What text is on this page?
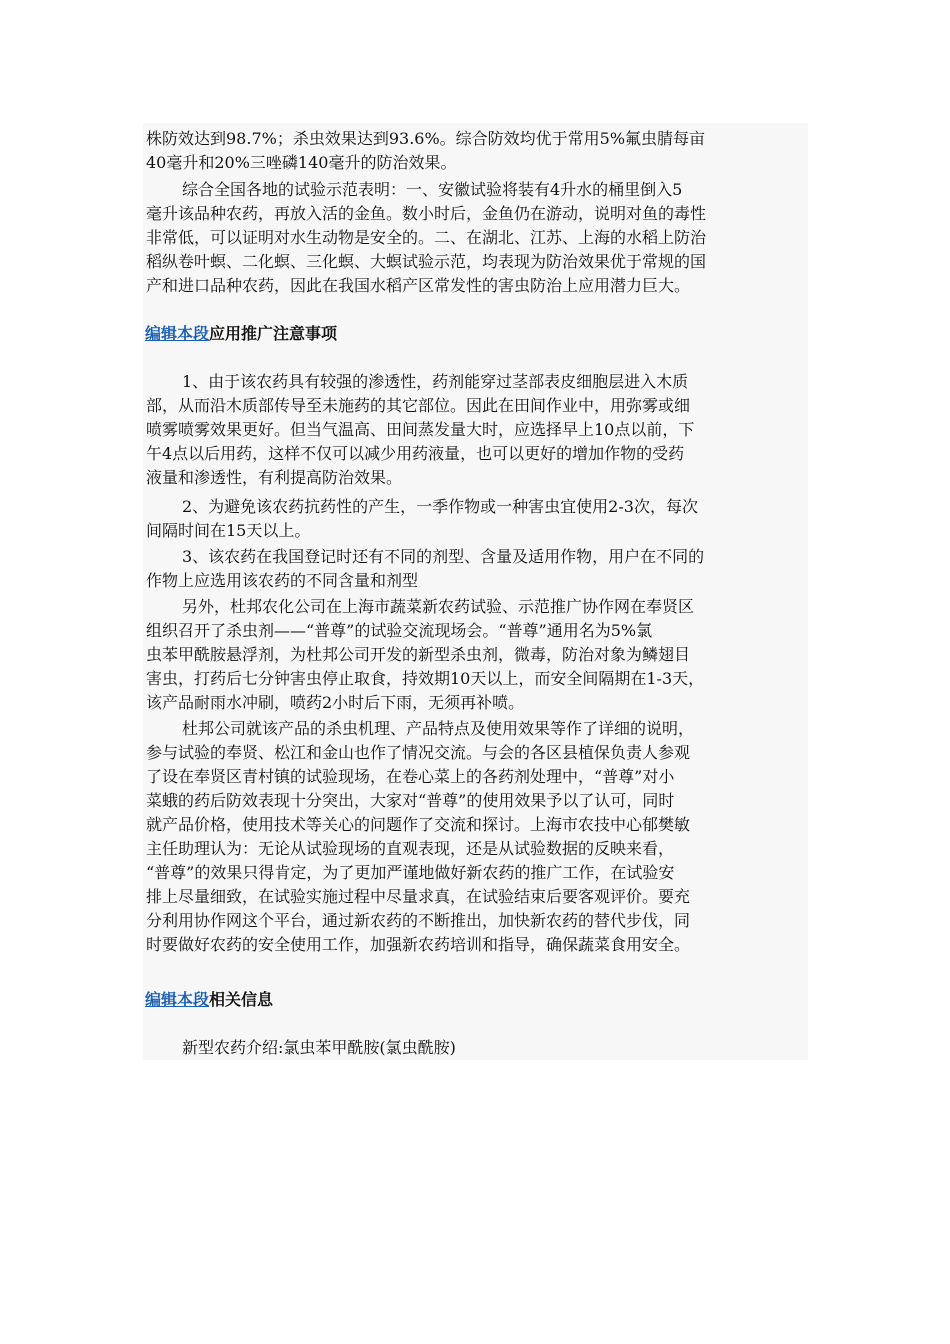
株防效达到98.7%；杀虫效果达到93.6%。综合防效均优于常用5%氟虫腈每亩
40毫升和20%三唑磷140毫升的防治效果。
综合全国各地的试验示范表明：一、安徽试验将装有4升水的桶里倒入5
毫升该品种农药，再放入活的金鱼。数小时后，金鱼仍在游动，说明对鱼的毒性
非常低，可以证明对水生动物是安全的。二、在湖北、江苏、上海的水稻上防治
稻纵卷叶螟、二化螟、三化螟、大螟试验示范，均表现为防治效果优于常规的国
产和进口品种农药，因此在我国水稻产区常发性的害虫防治上应用潜力巨大。
编辑本段应用推广注意事项
1、由于该农药具有较强的渗透性，药剂能穿过茎部表皮细胞层进入木质
部，从而沿木质部传导至未施药的其它部位。因此在田间作业中，用弥雾或细
喷雾喷雾效果更好。但当气温高、田间蒸发量大时，应选择早上10点以前，下
午4点以后用药，这样不仅可以减少用药液量，也可以更好的增加作物的受药
液量和渗透性，有利提高防治效果。
2、为避免该农药抗药性的产生，一季作物或一种害虫宜使用2-3次，每次
间隔时间在15天以上。
3、该农药在我国登记时还有不同的剂型、含量及适用作物，用户在不同的
作物上应选用该农药的不同含量和剂型
另外，杜邦农化公司在上海市蔬菜新农药试验、示范推广协作网在奉贤区
组织召开了杀虫剂——“普尊”的试验交流现场会。“普尊”通用名为5%氯
虫苯甲酰胺悬浮剂，为杜邦公司开发的新型杀虫剂，微毒，防治对象为鳞翅目
害虫，打药后七分钟害虫停止取食，持效期10天以上，而安全间隔期在1-3天，
该产品耐雨水冲刷，喷药2小时后下雨，无须再补喷。
杜邦公司就该产品的杀虫机理、产品特点及使用效果等作了详细的说明，
参与试验的奉贤、松江和金山也作了情况交流。与会的各区县植保负责人参观
了设在奉贤区青村镇的试验现场，在卷心菜上的各药剂处理中，“普尊”对小
菜蛾的药后防效表现十分突出，大家对“普尊”的使用效果予以了认可，同时
就产品价格，使用技术等关心的问题作了交流和探讨。上海市农技中心郁樊敏
主任助理认为：无论从试验现场的直观表现，还是从试验数据的反映来看，
“普尊”的效果只得肯定，为了更加严谨地做好新农药的推广工作，在试验安
排上尽量细致，在试验实施过程中尽量求真，在试验结束后要客观评价。要充
分利用协作网这个平台，通过新农药的不断推出，加快新农药的替代步伐，同
时要做好农药的安全使用工作，加强新农药培训和指导，确保蔬菜食用安全。
编辑本段相关信息
新型农药介绍:氯虫苯甲酰胺(氯虫酰胺)
